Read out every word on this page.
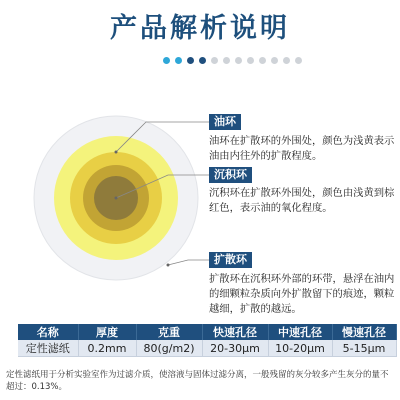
产品解析说明
油环
油环在扩散环的外围处，颜色为浅黄表示油由内往外的扩散程度。
沉积环
沉积环在扩散环外围处，颜色由浅黄到棕红色，表示油的氧化程度。
扩散环
扩散环在沉积环外部的环带，悬浮在油内的细颗粒杂质向外扩散留下的痕迹，颗粒越细，扩散的越远。
名称	厚度	克重	快速孔径	中速孔径	慢速孔径
定性滤纸	0.2mm	80(g/m2)	20-30μm	10-20μm	5-15μm
定性滤纸用于分析实验室作为过滤介质，使溶液与固体过滤分离，一般残留的灰分较多产生灰分的量不超过：0.13%。
